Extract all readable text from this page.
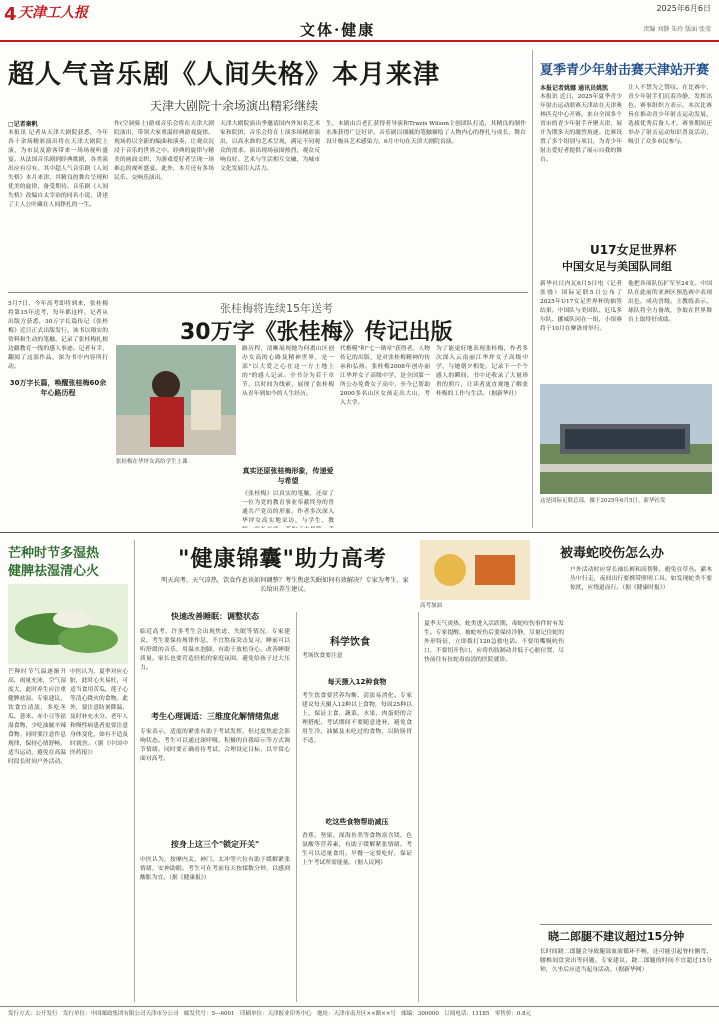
4 天津工人报	2025年6月6日
文体·健康	责编 刘静 朱玲 版面 张莹
超人气音乐剧《人间失格》本月来津
天津大剧院十余场演出精彩继续
□记者秦帆
本报讯 记者从天津大剧院获悉，今年各十余场精彩演出将在天津大剧院上演，为市民及游客带来一场场视听盛宴。从法国音乐剧到经典歌剧，各类演出应有尽有。其中超人气音乐剧《人间失格》本月来津，其精良的舞台呈现和优美的旋律，备受期待。音乐剧《人间失格》改编自太宰治的同名小说，讲述了主人公叶藏在人间挣扎的一生。
作(空洞骑士)游戏音乐会将在天津大剧院演出，带领大家重温经典游戏旋律。现场将以全新的编曲和演奏，让观众沉浸于音乐的世界之中。经典的旋律与精美的画面交织，为游戏爱好者呈现一场难忘的视听盛宴。此外，本月还有多场民乐、交响乐演出。
天津大剧院演出季邀请国内外知名艺术家和院团，音乐会将在上演多场精彩演出，以高水准的艺术呈现，满足不同观众的需求。演出现场氛围热烈，观众反响良好。艺术与生活相互交融，为城市文化发展注入活力。
生，本剧由百老汇获得者导演和Travis Wilson主创团队打造，其精良的制作水准获得广泛好评。音乐剧以细腻的笔触描绘了人物内心的挣扎与成长，舞台设计极具艺术感染力。6月中旬在天津大剧院首演。
夏季青少年射击赛天津站开赛
本报记者姚娜 通讯员姚凯
本报讯 近日，2025年夏季青少年射击运动联赛天津站在天津奥林匹克中心开赛。来自全国多个省市的青少年射手齐聚天津，展开为期多天的激烈角逐。比赛设置了多个组别与项目，为青少年射击爱好者提供了展示自我的舞台。
让人不禁为之赞叹。在比赛中，青少年射手们沉着冷静，发挥出色。赛事组织方表示，本次比赛旨在推动青少年射击运动发展，选拔优秀后备人才。赛事期间还举办了射击运动知识普及活动，吸引了众多市民参与。
U17女足世界杯
中国女足与美国队同组
新华社日内瓦6月5日电（记者张骁）国际足联5日公布了2025年U17女足世界杯的抽签结果。中国队与美国队、厄瓜多尔队、挪威队同在一组，小组赛将于10月在摩洛哥举行。
他把各项队伍扩军至24支。中国队在此前的亚洲区预选赛中表现出色，成功晋级。主教练表示，球队将全力备战，争取在世界舞台上取得好成绩。
这是国际足联总部，摄于2025年6月5日。新华社发
张桂梅将连续15年送考
30万字《张桂梅》传记出版
5月7日，今年高考即将到来，张桂梅将第15年送考，每年都这样。记者从出版方获悉，30万字长篇传记《张桂梅》近日正式出版发行。该书以翔实的资料和生动的笔触，记录了张桂梅扎根边疆教育一线的感人事迹。记者有幸，翻阅了这部作品，深为书中内容所打动。
30万字长篇，唤醒张桂梅60余年心路历程
张桂梅在华坪女高给学生上课
路历程，清晰展现她为何离山区创办女高的心路及精神世界，是一部"以大爱之心在这一方土地上的"的感人记录。全书分为若干章节，以时间为线索，展现了张桂梅从青年到如今的人生经历。
真实还原张桂梅形象，传递爱与希望
《张桂梅》以真实的笔触，还原了一位为党的教育事业奉献终身的普通共产党员的形象。作者多次深入华坪女高实地采访，与学生、教
代楷模"和"七一勋章"获得者。人物传记的出版，是对张桂梅精神的传承和弘扬。张桂梅2008年创办丽江华坪女子高级中学，是全国第一所公办免费女子高中，至今已帮助2000多名山区女孩走出大山，考入大学。
为了能更好地表现张桂梅，作者多次深入云南丽江华坪女子高级中学，与她朝夕相处，记录下一个个感人的瞬间。书中还收录了大量珍贵的照片，让读者更直观地了解张桂梅的工作与生活。（据新华社）
芒种时节多湿热
健脾祛湿清心火
芒种时节气温逐渐升高，雨量充沛，空气湿度大，此时养生应注重健脾祛湿。专家建议，饮食宜清淡，多吃冬瓜、薏米、赤小豆等祛湿食物，少吃油腻辛辣食物。同时要注意作息规律，保持心情舒畅，适当运动，避免在高温时段长时间户外活动。
中医认为，夏季对应心脏，此时心火易旺，可适当食用苦瓜、莲子心等清心降火的食物。此外，要注意防暑降温，及时补充水分。老年人和慢性病患者更要注意身体变化，如有不适及时就医。（据《中国中医药报》）
"健康锦囊"助力高考
高考加油
明天高考，天气凉热，饮食作息该如何调整？考生焦虑失眠如何有效解决？专家为考生、家长给出养生建议。
快速改善睡眠：调整状态
临近高考，许多考生会出现焦虑、失眠等情况。专家建议，考生要保持规律作息，不宜熬夜突击复习。睡前可以听舒缓的音乐，用温水泡脚，有助于放松身心、改善睡眠质量。家长也要营造轻松的家庭氛围，避免给孩子过大压力。
考生心理调适：三维度化解情绪焦虑
专家表示，适度的紧张有助于考试发挥，但过度焦虑会影响状态。考生可以通过深呼吸、积极的自我暗示等方式调节情绪。同时要正确看待考试，合理设定目标，以平常心面对高考。
按身上这三个"锁定开关"
中医认为，按摩内关、神门、太冲等穴位有助于缓解紧张情绪，安神助眠。考生可在考前每天按揉数分钟，以感到酸胀为宜。（据《健康报》）
科学饮食
考场饮食要注意
每天摄入12种食物
考生饮食要营养均衡、清淡易消化。专家建议每天摄入12种以上食物，每周25种以上，保证主食、蔬菜、水果、肉蛋奶的合理搭配。考试期间不要随意进补，避免食用生冷、油腻及未吃过的食物，以防肠胃不适。
吃这些食物帮助减压
香蕉、坚果、深海鱼类等食物富含镁、色氨酸等营养素，有助于缓解紧张情绪。考生可以适量食用。早餐一定要吃好，保证上午考试所需能量。（据人民网）
被毒蛇咬伤怎么办
夏季天气炎热，蛇类进入活跃期，毒蛇咬伤事件时有发生。专家提醒，被蛇咬伤后要保持冷静，尽量记住蛇的外形特征，立即拨打120急救电话。不要用嘴吸吮伤口，不要切开伤口，应将伤肢制动并低于心脏位置，尽快前往有抗蛇毒血清的医院就诊。
户外活动时应穿长袖长裤和高帮鞋，避免在草丛、灌木丛中行走，夜间出行要携带照明工具。如发现蛇类不要惊扰，应绕道而行。（据《健康时报》）
晓二郎腿不建议超过15分钟
长时间跷二郎腿会导致腿部血液循环不畅，还可能引起脊柱侧弯、腰椎间盘突出等问题。专家建议，跷二郎腿的时间不宜超过15分钟，久坐后应适当起身活动。（据新华网）
发行方式：公开发行　发行单位：中国邮政集团有限公司天津市分公司　邮发代号：5—6001　印刷单位：天津报业印务中心　地址：天津市南开区××路××号　邮编：300000　订阅电话：11185　零售价：0.8元
